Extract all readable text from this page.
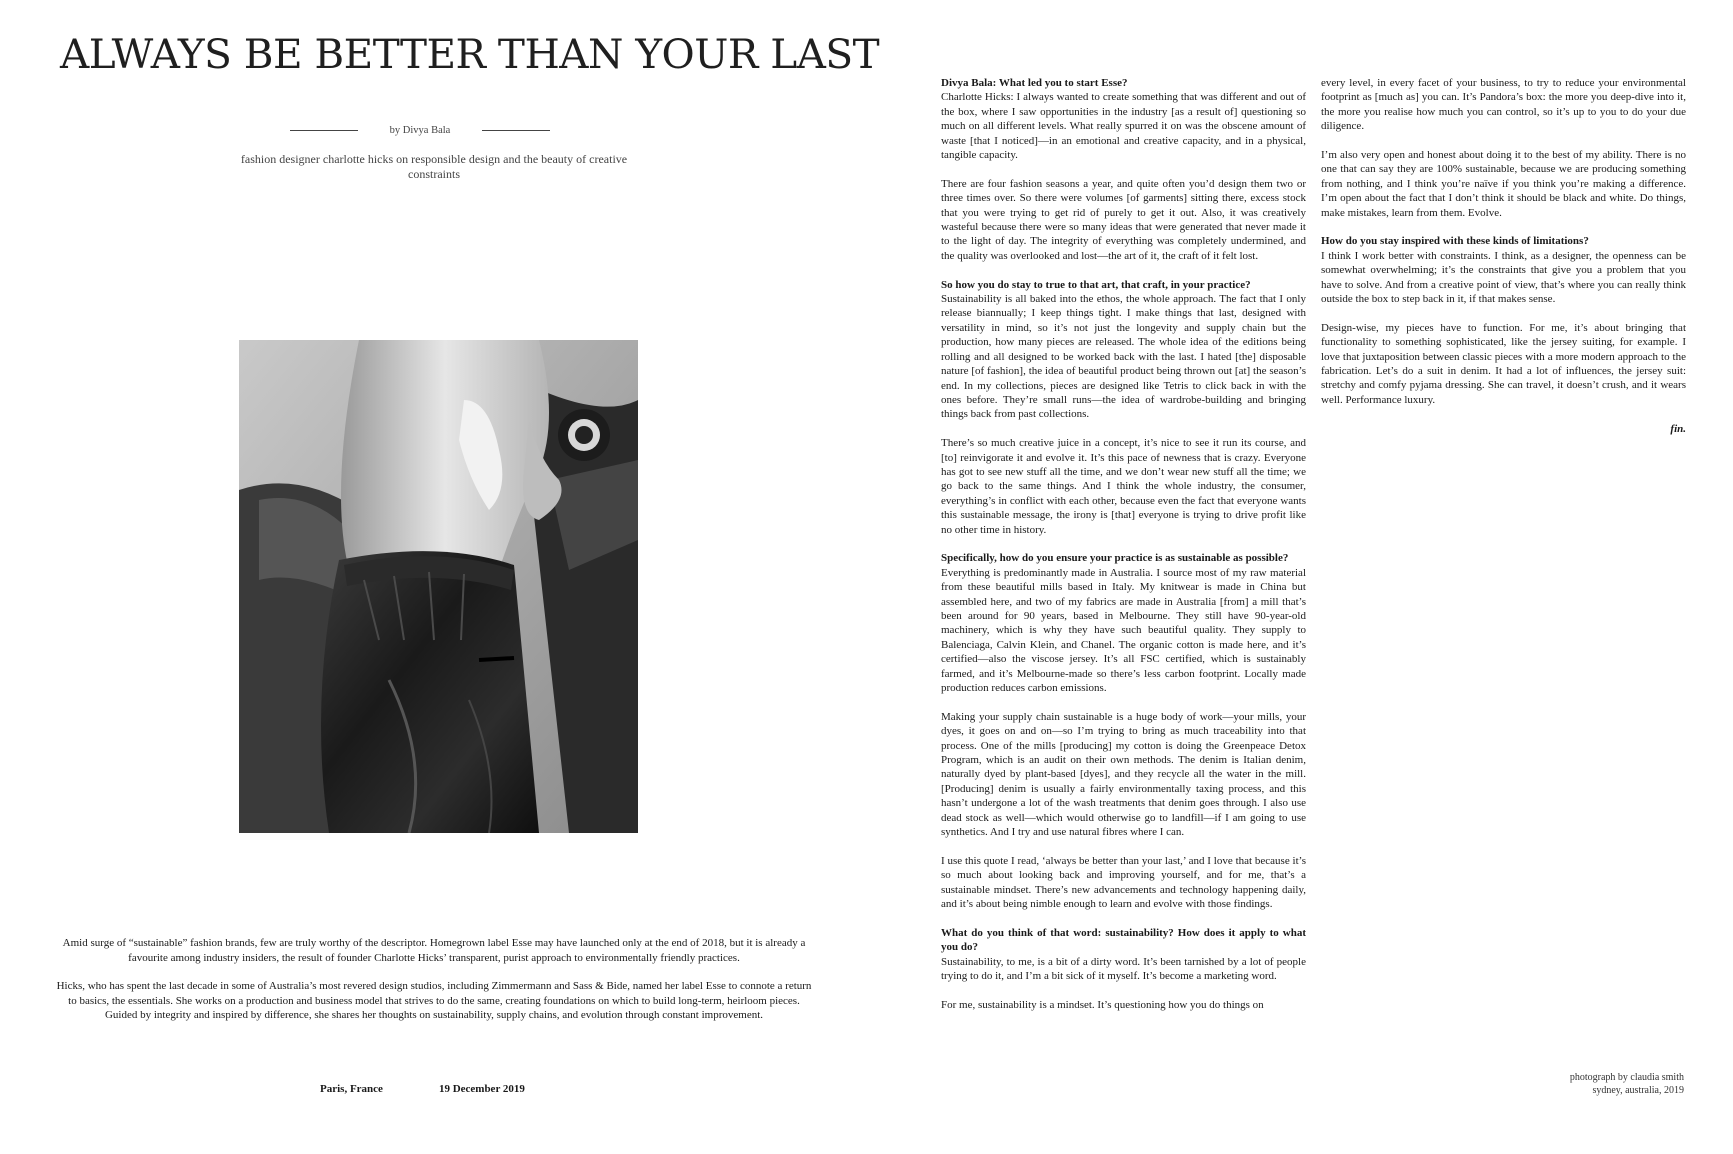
ALWAYS BE BETTER THAN YOUR LAST
by Divya Bala

fashion designer charlotte hicks on responsible design and the beauty of creative constraints

Amid surge of “sustainable” fashion brands, few are truly worthy of the descriptor. Homegrown label Esse may have launched only at the end of 2018, but it is already a favourite among industry insiders, the result of founder Charlotte Hicks’ transparent, purist approach to environmentally friendly practices.

Hicks, who has spent the last decade in some of Australia’s most revered design studios, including Zimmermann and Sass & Bide, named her label Esse to connote a return to basics, the essentials. She works on a production and business model that strives to do the same, creating foundations on which to build long-term, heirloom pieces. Guided by integrity and inspired by difference, she shares her thoughts on sustainability, supply chains, and evolution through constant improvement.

Paris, France	19 December 2019

Divya Bala: What led you to start Esse?

Charlotte Hicks: I always wanted to create something that was different and out of the box, where I saw opportunities in the industry [as a result of] questioning so much on all different levels. What really spurred it on was the obscene amount of waste [that I noticed]—in an emotional and creative capacity, and in a physical, tangible capacity.

There are four fashion seasons a year, and quite often you’d design them two or three times over. So there were volumes [of garments] sitting there, excess stock that you were trying to get rid of purely to get it out. Also, it was creatively wasteful because there were so many ideas that were generated that never made it to the light of day. The integrity of everything was completely undermined, and the quality was overlooked and lost—the art of it, the craft of it felt lost.

So how you do stay to true to that art, that craft, in your practice?

Sustainability is all baked into the ethos, the whole approach. The fact that I only release biannually; I keep things tight. I make things that last, designed with versatility in mind, so it’s not just the longevity and supply chain but the production, how many pieces are released. The whole idea of the editions being rolling and all designed to be worked back with the last. I hated [the] disposable nature [of fashion], the idea of beautiful product being thrown out [at] the season’s end. In my collections, pieces are designed like Tetris to click back in with the ones before. They’re small runs—the idea of wardrobe-building and bringing things back from past collections.

There’s so much creative juice in a concept, it’s nice to see it run its course, and [to] reinvigorate it and evolve it. It’s this pace of newness that is crazy. Everyone has got to see new stuff all the time, and we don’t wear new stuff all the time; we go back to the same things. And I think the whole industry, the consumer, everything’s in conflict with each other, because even the fact that everyone wants this sustainable message, the irony is [that] everyone is trying to drive profit like no other time in history.

Specifically, how do you ensure your practice is as sustainable as possible?

Everything is predominantly made in Australia. I source most of my raw material from these beautiful mills based in Italy. My knitwear is made in China but assembled here, and two of my fabrics are made in Australia [from] a mill that’s been around for 90 years, based in Melbourne. They still have 90-year-old machinery, which is why they have such beautiful quality. They supply to Balenciaga, Calvin Klein, and Chanel. The organic cotton is made here, and it’s certified—also the viscose jersey. It’s all FSC certified, which is sustainably farmed, and it’s Melbourne-made so there’s less carbon footprint. Locally made production reduces carbon emissions.

Making your supply chain sustainable is a huge body of work—your mills, your dyes, it goes on and on—so I’m trying to bring as much traceability into that process. One of the mills [producing] my cotton is doing the Greenpeace Detox Program, which is an audit on their own methods. The denim is Italian denim, naturally dyed by plant-based [dyes], and they recycle all the water in the mill. [Producing] denim is usually a fairly environmentally taxing process, and this hasn’t undergone a lot of the wash treatments that denim goes through. I also use dead stock as well—which would otherwise go to landfill—if I am going to use synthetics. And I try and use natural fibres where I can.

I use this quote I read, ‘always be better than your last,’ and I love that because it’s so much about looking back and improving yourself, and for me, that’s a sustainable mindset. There’s new advancements and technology happening daily, and it’s about being nimble enough to learn and evolve with those findings.

What do you think of that word: sustainability? How does it apply to what you do?

Sustainability, to me, is a bit of a dirty word. It’s been tarnished by a lot of people trying to do it, and I’m a bit sick of it myself. It’s become a marketing word.

For me, sustainability is a mindset. It’s questioning how you do things on

every level, in every facet of your business, to try to reduce your environmental footprint as [much as] you can. It’s Pandora’s box: the more you deep-dive into it, the more you realise how much you can control, so it’s up to you to do your due diligence.

I’m also very open and honest about doing it to the best of my ability. There is no one that can say they are 100% sustainable, because we are producing something from nothing, and I think you’re naïve if you think you’re making a difference. I’m open about the fact that I don’t think it should be black and white. Do things, make mistakes, learn from them. Evolve.

How do you stay inspired with these kinds of limitations?

I think I work better with constraints. I think, as a designer, the openness can be somewhat overwhelming; it’s the constraints that give you a problem that you have to solve. And from a creative point of view, that’s where you can really think outside the box to step back in it, if that makes sense.

Design-wise, my pieces have to function. For me, it’s about bringing that functionality to something sophisticated, like the jersey suiting, for example. I love that juxtaposition between classic pieces with a more modern approach to the fabrication. Let’s do a suit in denim. It had a lot of influences, the jersey suit: stretchy and comfy pyjama dressing. She can travel, it doesn’t crush, and it wears well. Performance luxury.

fin.

photograph by claudia smith
sydney, australia, 2019
